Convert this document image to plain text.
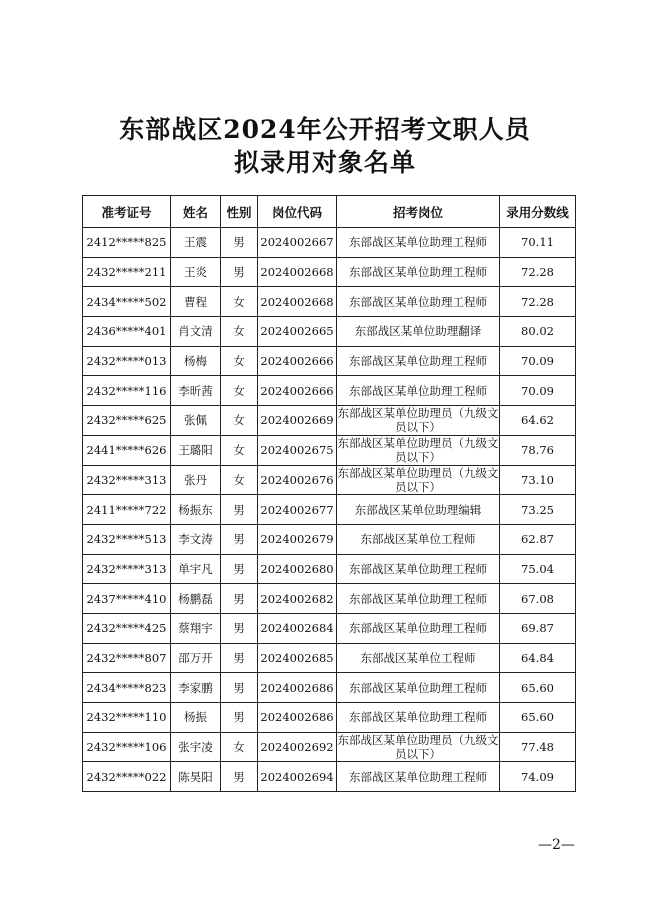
东部战区2024年公开招考文职人员
拟录用对象名单
准考证号	姓名	性别	岗位代码	招考岗位	录用分数线
2412*****825	王震	男	2024002667	东部战区某单位助理工程师	70.11
2432*****211	王炎	男	2024002668	东部战区某单位助理工程师	72.28
2434*****502	曹程	女	2024002668	东部战区某单位助理工程师	72.28
2436*****401	肖文清	女	2024002665	东部战区某单位助理翻译	80.02
2432*****013	杨梅	女	2024002666	东部战区某单位助理工程师	70.09
2432*****116	李昕茜	女	2024002666	东部战区某单位助理工程师	70.09
2432*****625	张佩	女	2024002669	东部战区某单位助理员（九级文员以下）	64.62
2441*****626	王璐阳	女	2024002675	东部战区某单位助理员（九级文员以下）	78.76
2432*****313	张丹	女	2024002676	东部战区某单位助理员（九级文员以下）	73.10
2411*****722	杨振东	男	2024002677	东部战区某单位助理编辑	73.25
2432*****513	李文涛	男	2024002679	东部战区某单位工程师	62.87
2432*****313	单宇凡	男	2024002680	东部战区某单位助理工程师	75.04
2437*****410	杨鹏磊	男	2024002682	东部战区某单位助理工程师	67.08
2432*****425	蔡翔宇	男	2024002684	东部战区某单位助理工程师	69.87
2432*****807	邵万开	男	2024002685	东部战区某单位工程师	64.84
2434*****823	李家鹏	男	2024002686	东部战区某单位助理工程师	65.60
2432*****110	杨振	男	2024002686	东部战区某单位助理工程师	65.60
2432*****106	张宇凌	女	2024002692	东部战区某单位助理员（九级文员以下）	77.48
2432*****022	陈昊阳	男	2024002694	东部战区某单位助理工程师	74.09
—2—
